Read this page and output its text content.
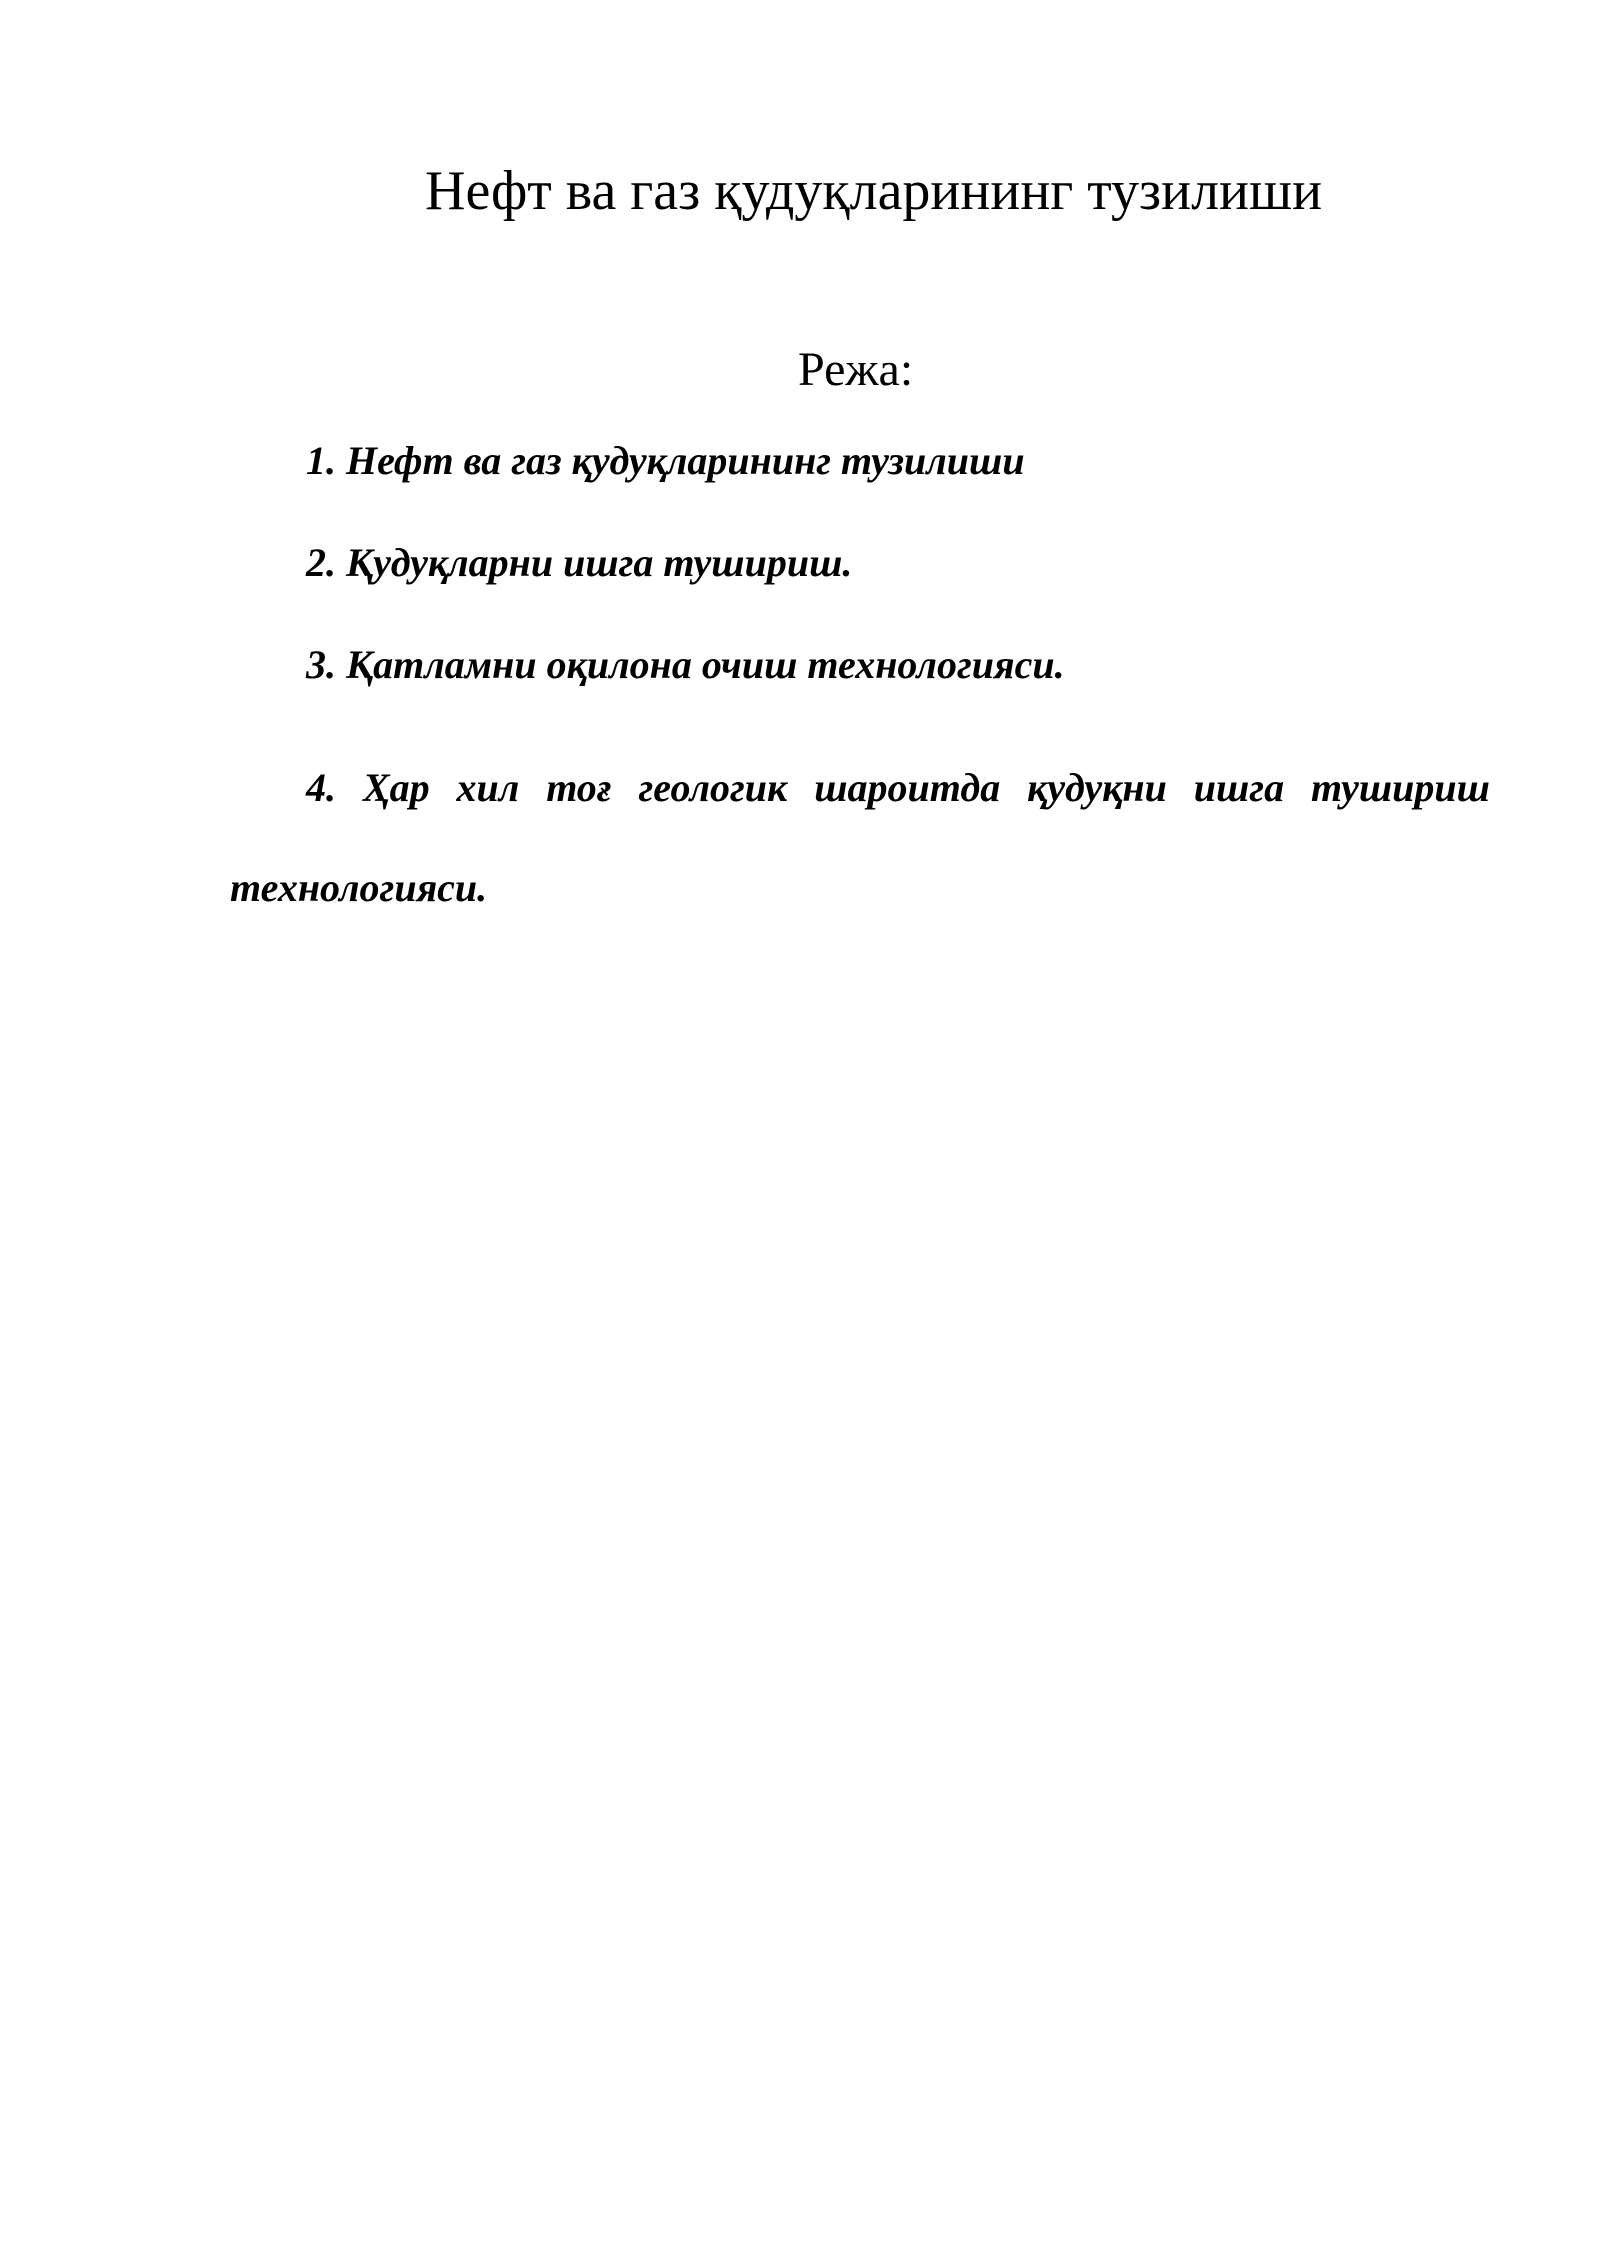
Нефт ва газ қудуқларининг тузилиши
Режа:

1. Нефт ва газ қудуқларининг тузилиши

2. Қудуқларни ишга тушириш.

3. Қатламни оқилона очиш технологияси.

4. Ҳар хил тоғ геологик шароитда қудуқни ишга тушириш технологияси.
